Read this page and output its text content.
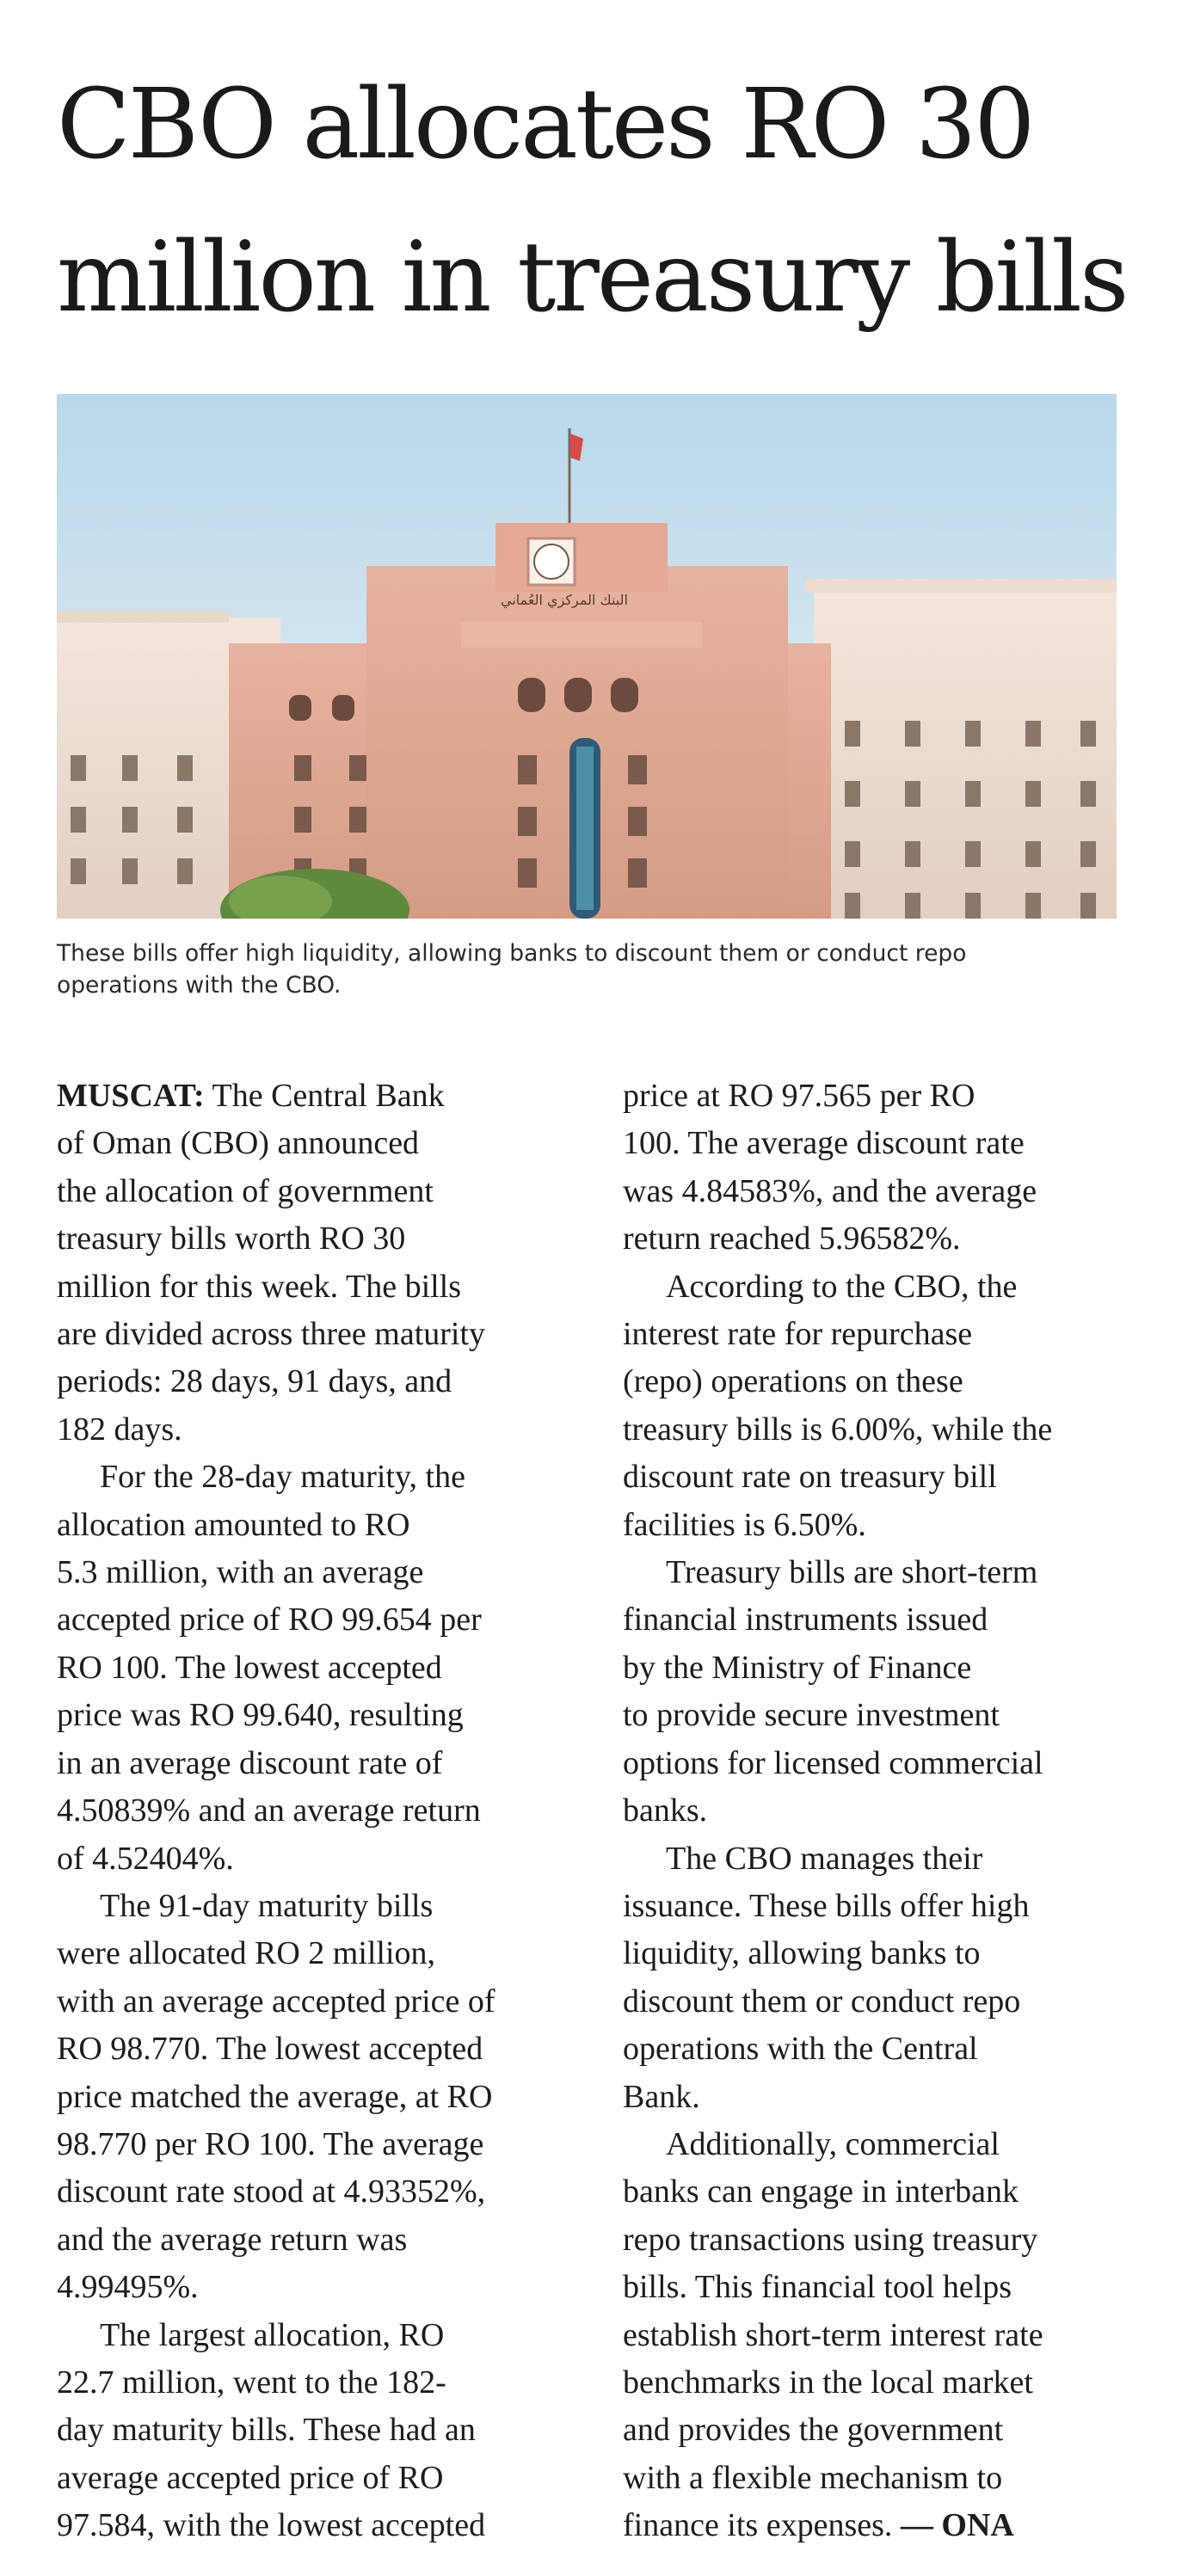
CBO allocates RO 30
million in treasury bills
البنك المركزي العُماني

These bills offer high liquidity, allowing banks to discount them or conduct repo
operations with the CBO.

MUSCAT: The Central Bank
of Oman (CBO) announced
the allocation of government
treasury bills worth RO 30
million for this week. The bills
are divided across three maturity
periods: 28 days, 91 days, and
182 days.
For the 28-day maturity, the
allocation amounted to RO
5.3 million, with an average
accepted price of RO 99.654 per
RO 100. The lowest accepted
price was RO 99.640, resulting
in an average discount rate of
4.50839% and an average return
of 4.52404%.
The 91-day maturity bills
were allocated RO 2 million,
with an average accepted price of
RO 98.770. The lowest accepted
price matched the average, at RO
98.770 per RO 100. The average
discount rate stood at 4.93352%,
and the average return was
4.99495%.
The largest allocation, RO
22.7 million, went to the 182-
day maturity bills. These had an
average accepted price of RO
97.584, with the lowest accepted
price at RO 97.565 per RO
100. The average discount rate
was 4.84583%, and the average
return reached 5.96582%.
According to the CBO, the
interest rate for repurchase
(repo) operations on these
treasury bills is 6.00%, while the
discount rate on treasury bill
facilities is 6.50%.
Treasury bills are short-term
financial instruments issued
by the Ministry of Finance
to provide secure investment
options for licensed commercial
banks.
The CBO manages their
issuance. These bills offer high
liquidity, allowing banks to
discount them or conduct repo
operations with the Central
Bank.
Additionally, commercial
banks can engage in interbank
repo transactions using treasury
bills. This financial tool helps
establish short-term interest rate
benchmarks in the local market
and provides the government
with a flexible mechanism to
finance its expenses. — ONA
